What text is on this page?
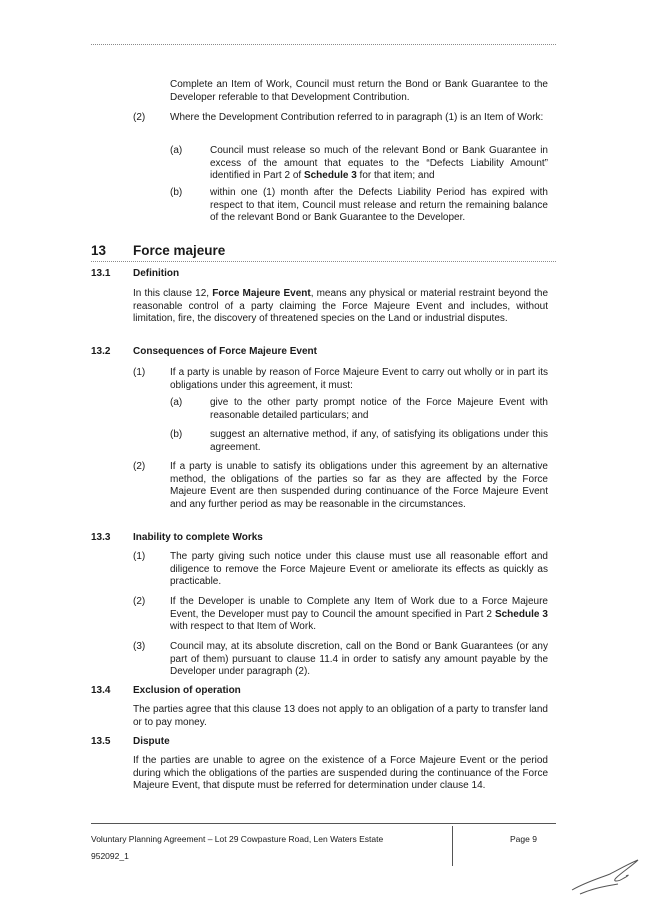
Complete an Item of Work, Council must return the Bond or Bank Guarantee to the Developer referable to that Development Contribution.
(2) Where the Development Contribution referred to in paragraph (1) is an Item of Work:
(a)	Council must release so much of the relevant Bond or Bank Guarantee in excess of the amount that equates to the “Defects Liability Amount” identified in Part 2 of Schedule 3 for that item; and
(b)	within one (1) month after the Defects Liability Period has expired with respect to that item, Council must release and return the remaining balance of the relevant Bond or Bank Guarantee to the Developer.
13 Force majeure
13.1 Definition
In this clause 12, Force Majeure Event, means any physical or material restraint beyond the reasonable control of a party claiming the Force Majeure Event and includes, without limitation, fire, the discovery of threatened species on the Land or industrial disputes.
13.2 Consequences of Force Majeure Event
(1) If a party is unable by reason of Force Majeure Event to carry out wholly or in part its obligations under this agreement, it must:
(a)	give to the other party prompt notice of the Force Majeure Event with reasonable detailed particulars; and
(b)	suggest an alternative method, if any, of satisfying its obligations under this agreement.
(2) If a party is unable to satisfy its obligations under this agreement by an alternative method, the obligations of the parties so far as they are affected by the Force Majeure Event are then suspended during continuance of the Force Majeure Event and any further period as may be reasonable in the circumstances.
13.3 Inability to complete Works
(1) The party giving such notice under this clause must use all reasonable effort and diligence to remove the Force Majeure Event or ameliorate its effects as quickly as practicable.
(2) If the Developer is unable to Complete any Item of Work due to a Force Majeure Event, the Developer must pay to Council the amount specified in Part 2 Schedule 3 with respect to that Item of Work.
(3) Council may, at its absolute discretion, call on the Bond or Bank Guarantees (or any part of them) pursuant to clause 11.4 in order to satisfy any amount payable by the Developer under paragraph (2).
13.4 Exclusion of operation
The parties agree that this clause 13 does not apply to an obligation of a party to transfer land or to pay money.
13.5 Dispute
If the parties are unable to agree on the existence of a Force Majeure Event or the period during which the obligations of the parties are suspended during the continuance of the Force Majeure Event, that dispute must be referred for determination under clause 14.
Voluntary Planning Agreement – Lot 29 Cowpasture Road, Len Waters Estate
952092_1
Page 9
